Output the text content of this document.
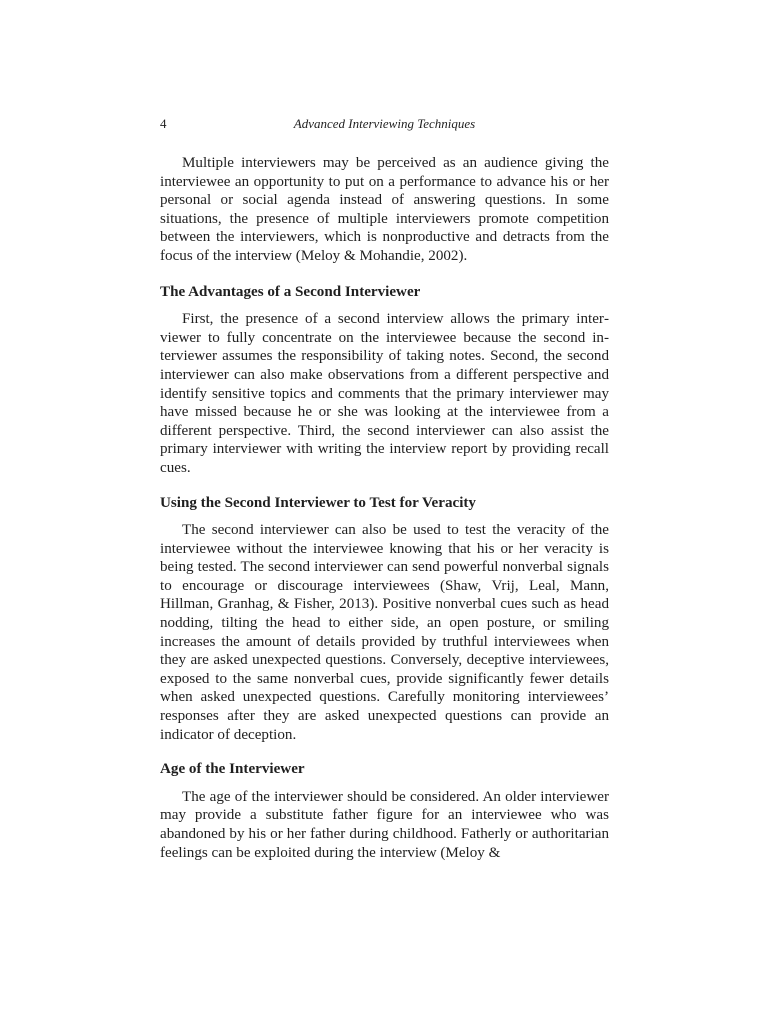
4	Advanced Interviewing Techniques

Multiple interviewers may be perceived as an audience giving the interviewee an opportunity to put on a performance to advance his or her personal or social agenda instead of answering questions. In some situations, the presence of multiple interviewers promote competition between the interviewers, which is nonproductive and detracts from the focus of the interview (Meloy & Mohandie, 2002).

The Advantages of a Second Interviewer

First, the presence of a second interview allows the primary interviewer to fully concentrate on the interviewee because the second interviewer assumes the responsibility of taking notes. Second, the second interviewer can also make observations from a different perspective and identify sensitive topics and comments that the primary interviewer may have missed because he or she was looking at the interviewee from a different perspective. Third, the second interviewer can also assist the primary interviewer with writing the interview report by providing recall cues.

Using the Second Interviewer to Test for Veracity

The second interviewer can also be used to test the veracity of the interviewee without the interviewee knowing that his or her veracity is being tested. The second interviewer can send powerful nonverbal signals to encourage or discourage interviewees (Shaw, Vrij, Leal, Mann, Hillman, Granhag, & Fisher, 2013). Positive nonverbal cues such as head nodding, tilting the head to either side, an open posture, or smiling increases the amount of details provided by truthful interviewees when they are asked unexpected questions. Conversely, deceptive interviewees, exposed to the same nonverbal cues, provide significantly fewer details when asked unexpected questions. Carefully monitoring interviewees’ responses after they are asked unexpected questions can provide an indicator of deception.

Age of the Interviewer

The age of the interviewer should be considered. An older interviewer may provide a substitute father figure for an interviewee who was abandoned by his or her father during childhood. Fatherly or authoritarian feelings can be exploited during the interview (Meloy &
